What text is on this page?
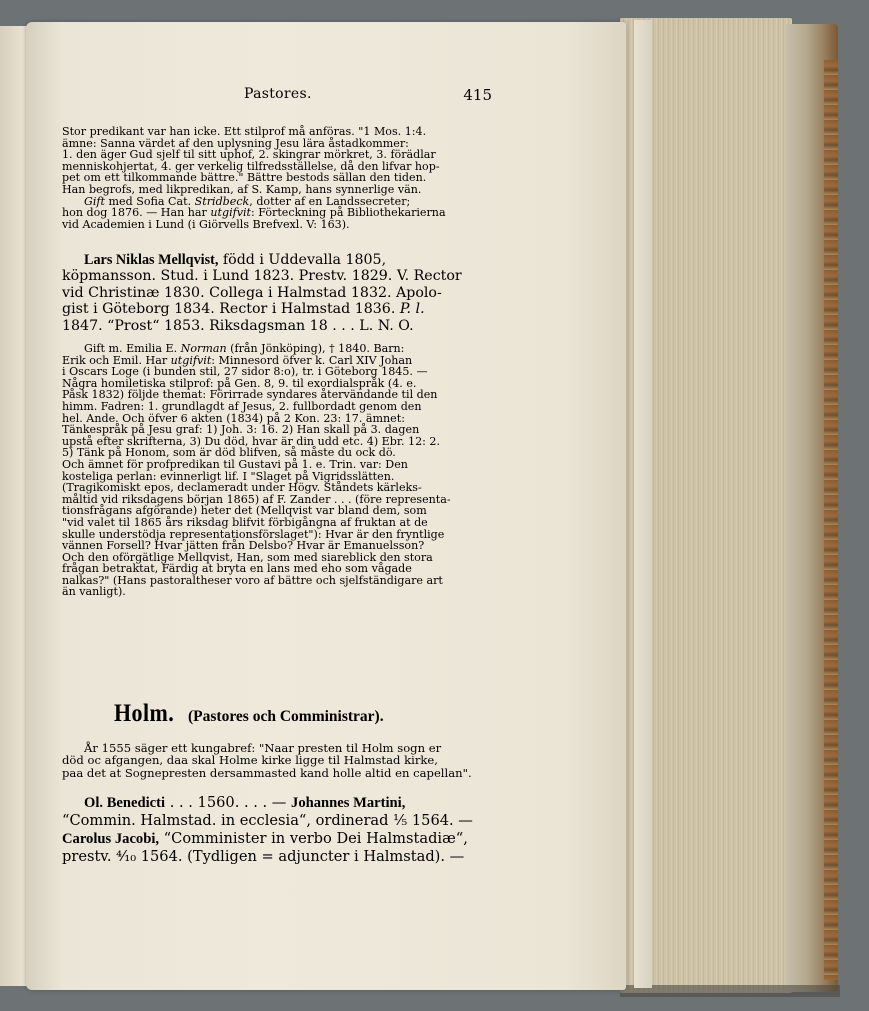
Pastores.	415

Stor predikant var han icke. Ett stilprof må anföras. "1 Mos. 1:4.

ämne: Sanna värdet af den uplysning Jesu lära åstadkommer:

1. den äger Gud sjelf til sitt uphof, 2. skingrar mörkret, 3. förädlar

menniskohjertat, 4. ger verkelig tilfredsställelse, då den lifvar hop-

pet om ett tilkommande bättre." Bättre bestods sällan den tiden.

Han begrofs, med likpredikan, af S. Kamp, hans synnerlige vän.

Gift med Sofia Cat. Stridbeck, dotter af en Landssecreter;

hon dog 1876. — Han har utgifvit: Förteckning på Bibliothekarierna

vid Academien i Lund (i Giörvells Brefvexl. V: 163).

Lars Niklas Mellqvist, född i Uddevalla 1805,

köpmansson. Stud. i Lund 1823. Prestv. 1829. V. Rector

vid Christinæ 1830. Collega i Halmstad 1832. Apolo-

gist i Göteborg 1834. Rector i Halmstad 1836. P. l.

1847. “Prost“ 1853. Riksdagsman 18 . . . L. N. O.

Gift m. Emilia E. Norman (från Jönköping), † 1840. Barn:

Erik och Emil. Har utgifvit: Minnesord öfver k. Carl XIV Johan

i Oscars Loge (i bunden stil, 27 sidor 8:o), tr. i Göteborg 1845. —

Några homiletiska stilprof: på Gen. 8, 9. til exordialspråk (4. e.

Påsk 1832) följde themat: Förirrade syndares återvändande til den

himm. Fadren: 1. grundlagdt af Jesus, 2. fullbordadt genom den

hel. Ande. Och öfver 6 akten (1834) på 2 Kon. 23: 17. ämnet:

Tänkespråk på Jesu graf: 1) Joh. 3: 16. 2) Han skall på 3. dagen

upstå efter skrifterna, 3) Du död, hvar är din udd etc. 4) Ebr. 12: 2.

5) Tänk på Honom, som är död blifven, så måste du ock dö.

Och ämnet för profpredikan til Gustavi på 1. e. Trin. var: Den

kosteliga perlan: evinnerligt lif. I "Slaget på Vigridsslätten.

(Tragikomiskt epos, declameradt under Högv. Ståndets kärleks-

måltid vid riksdagens början 1865) af F. Zander . . . (före representa-

tionsfrågans afgörande) heter det (Mellqvist var bland dem, som

"vid valet til 1865 års riksdag blifvit förbigångna af fruktan at de

skulle understödja representationsförslaget"): Hvar är den fryntlige

vännen Forsell? Hvar jätten från Delsbo? Hvar är Emanuelsson?

Och den oförgätlige Mellqvist, Han, som med siareblick den stora

frågan betraktat, Färdig at bryta en lans med eho som vågade

nalkas?" (Hans pastoraltheser voro af bättre och sjelfständigare art

än vanligt).

Holm. (Pastores och Comministrar).

År 1555 säger ett kungabref: "Naar presten til Holm sogn er

död oc afgangen, daa skal Holme kirke ligge til Halmstad kirke,

paa det at Sognepresten dersammasted kand holle altid en capellan".

Ol. Benedicti . . . 1560. . . . — Johannes Martini,

“Commin. Halmstad. in ecclesia“, ordinerad ⅕ 1564. —

Carolus Jacobi, “Comminister in verbo Dei Halmstadiæ“,

prestv. ⁴⁄₁₀ 1564. (Tydligen = adjuncter i Halmstad). —
